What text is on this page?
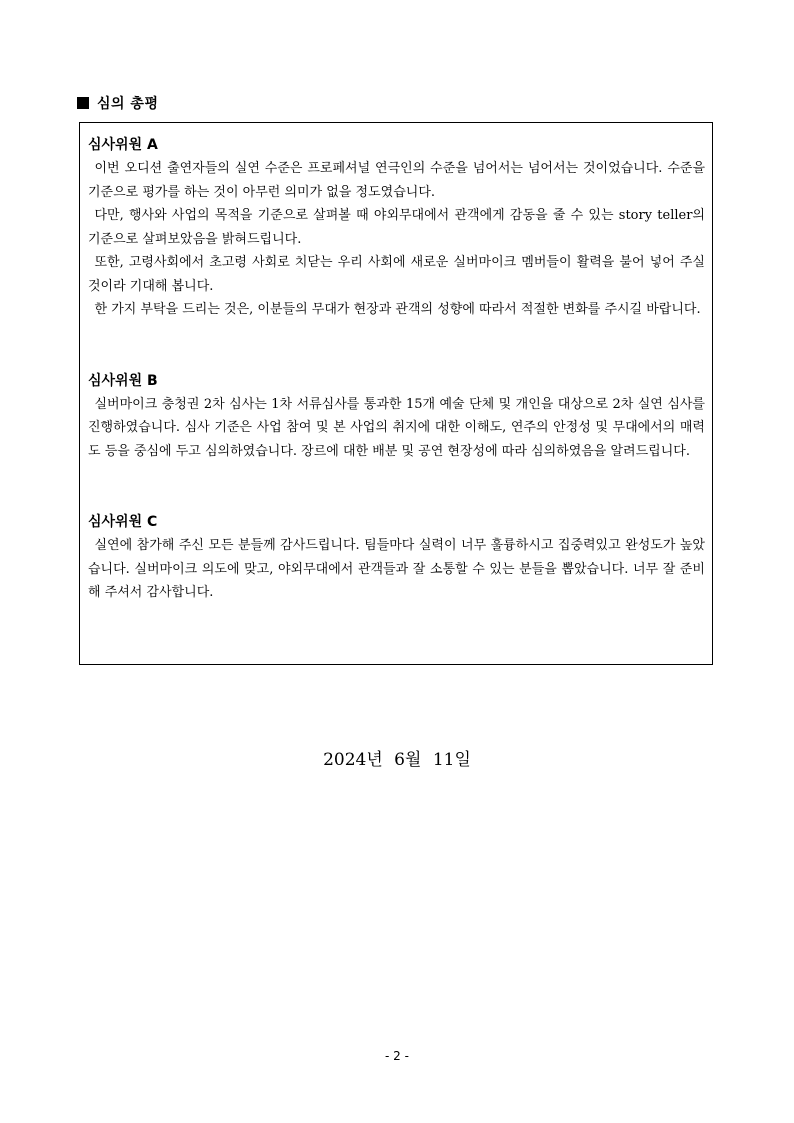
심의 총평
심사위원 A

이번 오디션 출연자들의 실연 수준은 프로페셔널 연극인의 수준을 넘어서는 넘어서는 것이었습니다. 수준을 기준으로 평가를 하는 것이 아무런 의미가 없을 정도였습니다.

다만, 행사와 사업의 목적을 기준으로 살펴볼 때 야외무대에서 관객에게 감동을 줄 수 있는 story teller의 기준으로 살펴보았음을 밝혀드립니다.

또한, 고령사회에서 초고령 사회로 치닫는 우리 사회에 새로운 실버마이크 멤버들이 활력을 불어 넣어 주실 것이라 기대해 봅니다.

한 가지 부탁을 드리는 것은, 이분들의 무대가 현장과 관객의 성향에 따라서 적절한 변화를 주시길 바랍니다.

심사위원 B

실버마이크 충청권 2차 심사는 1차 서류심사를 통과한 15개 예술 단체 및 개인을 대상으로 2차 실연 심사를 진행하였습니다. 심사 기준은 사업 참여 및 본 사업의 취지에 대한 이해도, 연주의 안정성 및 무대에서의 매력도 등을 중심에 두고 심의하였습니다. 장르에 대한 배분 및 공연 현장성에 따라 심의하였음을 알려드립니다.

심사위원 C

실연에 참가해 주신 모든 분들께 감사드립니다. 팀들마다 실력이 너무 훌륭하시고 집중력있고 완성도가 높았습니다. 실버마이크 의도에 맞고, 야외무대에서 관객들과 잘 소통할 수 있는 분들을 뽑았습니다. 너무 잘 준비해 주셔서 감사합니다.

2024년 6월 11일
- 2 -
